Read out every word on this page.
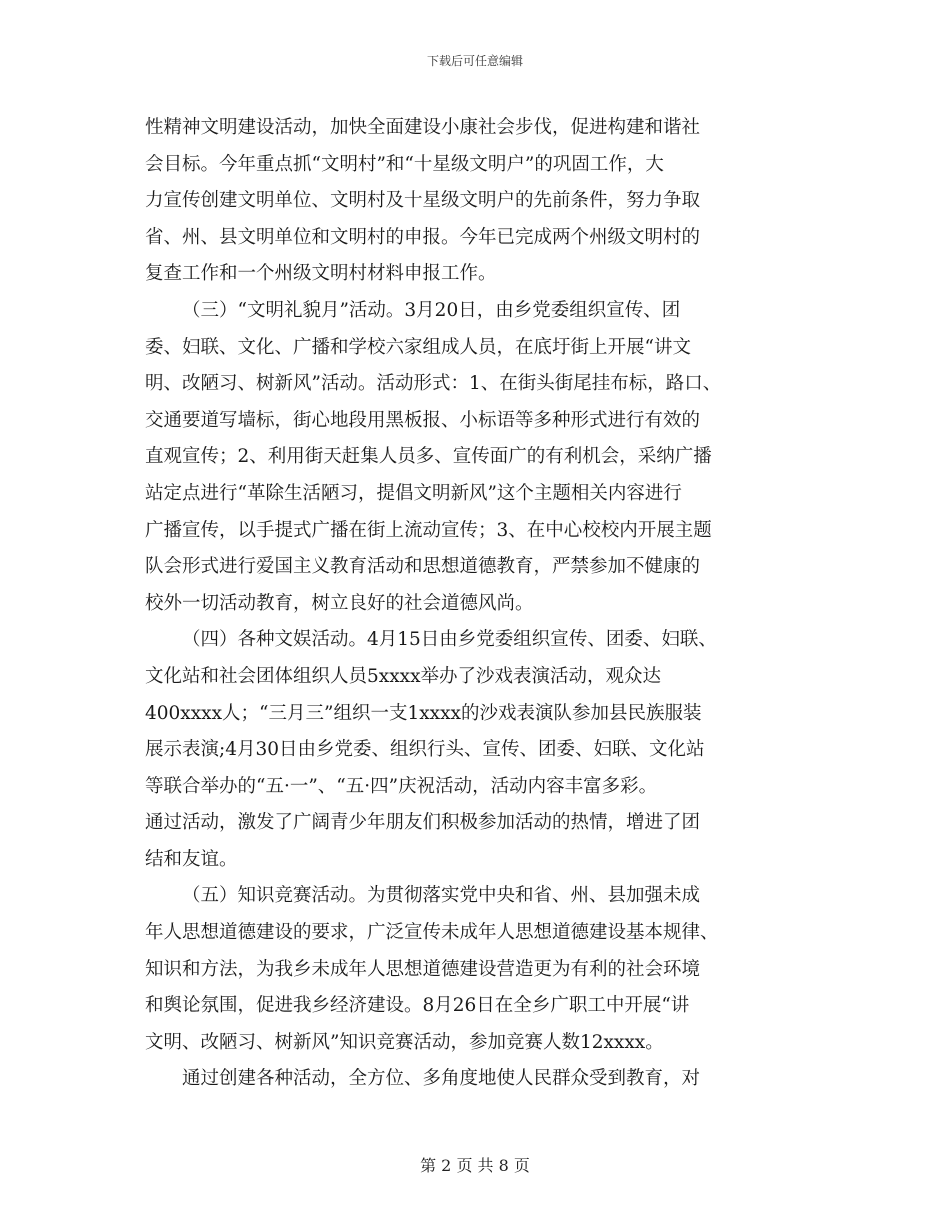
下载后可任意编辑
性精神文明建设活动，加快全面建设小康社会步伐，促进构建和谐社
会目标。今年重点抓“文明村”和“十星级文明户”的巩固工作，大
力宣传创建文明单位、文明村及十星级文明户的先前条件，努力争取
省、州、县文明单位和文明村的申报。今年已完成两个州级文明村的
复查工作和一个州级文明村材料申报工作。
（三）“文明礼貌月”活动。3月20日，由乡党委组织宣传、团
委、妇联、文化、广播和学校六家组成人员，在底圩街上开展“讲文
明、改陋习、树新风”活动。活动形式：1、在街头街尾挂布标，路口、
交通要道写墙标，街心地段用黑板报、小标语等多种形式进行有效的
直观宣传；2、利用街天赶集人员多、宣传面广的有利机会，采纳广播
站定点进行“革除生活陋习，提倡文明新风”这个主题相关内容进行
广播宣传，以手提式广播在街上流动宣传；3、在中心校校内开展主题
队会形式进行爱国主义教育活动和思想道德教育，严禁参加不健康的
校外一切活动教育，树立良好的社会道德风尚。
（四）各种文娱活动。4月15日由乡党委组织宣传、团委、妇联、
文化站和社会团体组织人员5xxxx举办了沙戏表演活动，观众达
400xxxx人；“三月三”组织一支1xxxx的沙戏表演队参加县民族服装
展示表演;4月30日由乡党委、组织行头、宣传、团委、妇联、文化站
等联合举办的“五·一”、“五·四”庆祝活动，活动内容丰富多彩。
通过活动，激发了广阔青少年朋友们积极参加活动的热情，增进了团
结和友谊。
（五）知识竞赛活动。为贯彻落实党中央和省、州、县加强未成
年人思想道德建设的要求，广泛宣传未成年人思想道德建设基本规律、
知识和方法，为我乡未成年人思想道德建设营造更为有利的社会环境
和舆论氛围，促进我乡经济建设。8月26日在全乡广职工中开展“讲
文明、改陋习、树新风”知识竞赛活动，参加竞赛人数12xxxx。
通过创建各种活动，全方位、多角度地使人民群众受到教育，对
第 2 页 共 8 页
